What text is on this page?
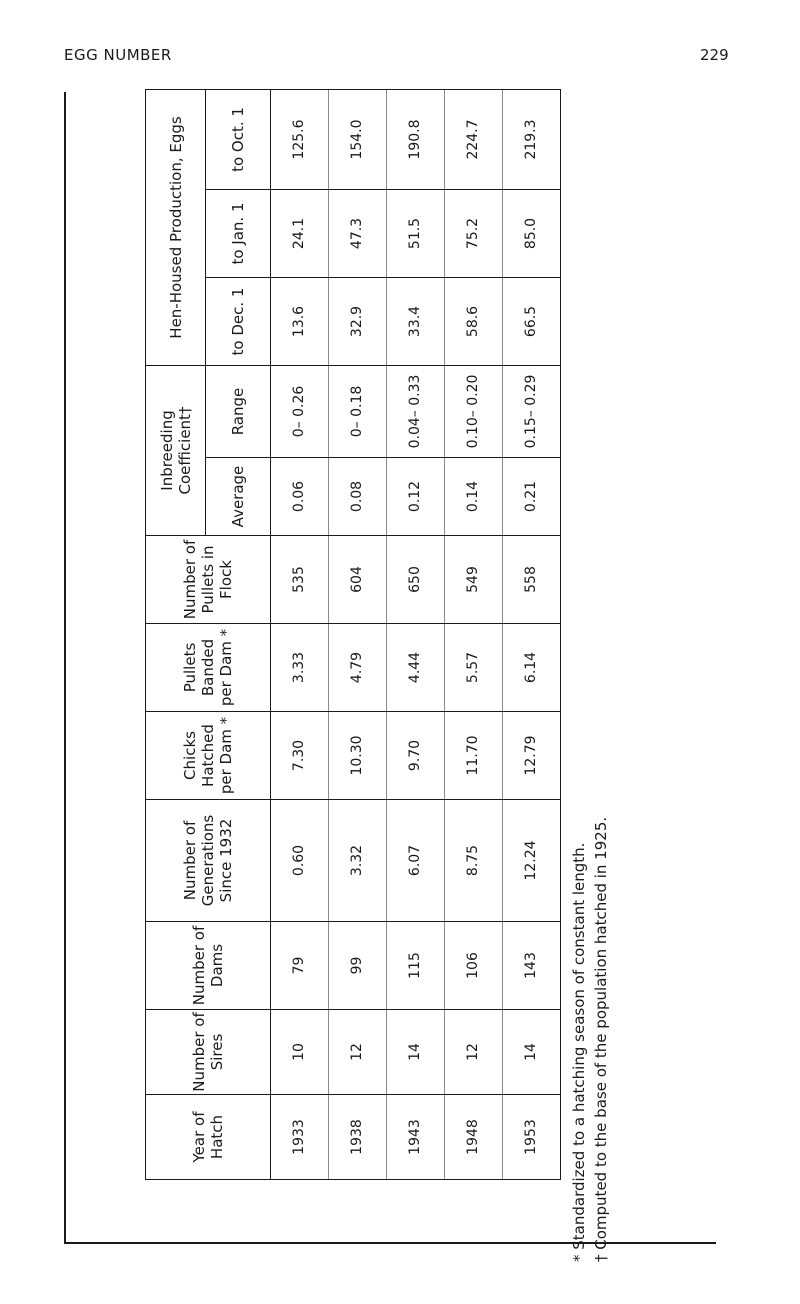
EGG NUMBER	229
Year of Hatch	Number of Sires	Number of Dams	Number of Generations Since 1932	Chicks Hatched per Dam *	Pullets Banded per Dam *	Number of Pullets in Flock	Inbreeding Coefficient†		Hen-Housed Production, Eggs		
							Average	Range	to Dec. 1	to Jan. 1	to Oct. 1
1933	10	79	0.60	7.30	3.33	535	0.06	0– 0.26	13.6	24.1	125.6
1938	12	99	3.32	10.30	4.79	604	0.08	0– 0.18	32.9	47.3	154.0
1943	14	115	6.07	9.70	4.44	650	0.12	0.04– 0.33	33.4	51.5	190.8
1948	12	106	8.75	11.70	5.57	549	0.14	0.10– 0.20	58.6	75.2	224.7
1953	14	143	12.24	12.79	6.14	558	0.21	0.15– 0.29	66.5	85.0	219.3
* Standardized to a hatching season of constant length. † Computed to the base of the population hatched in 1925.
